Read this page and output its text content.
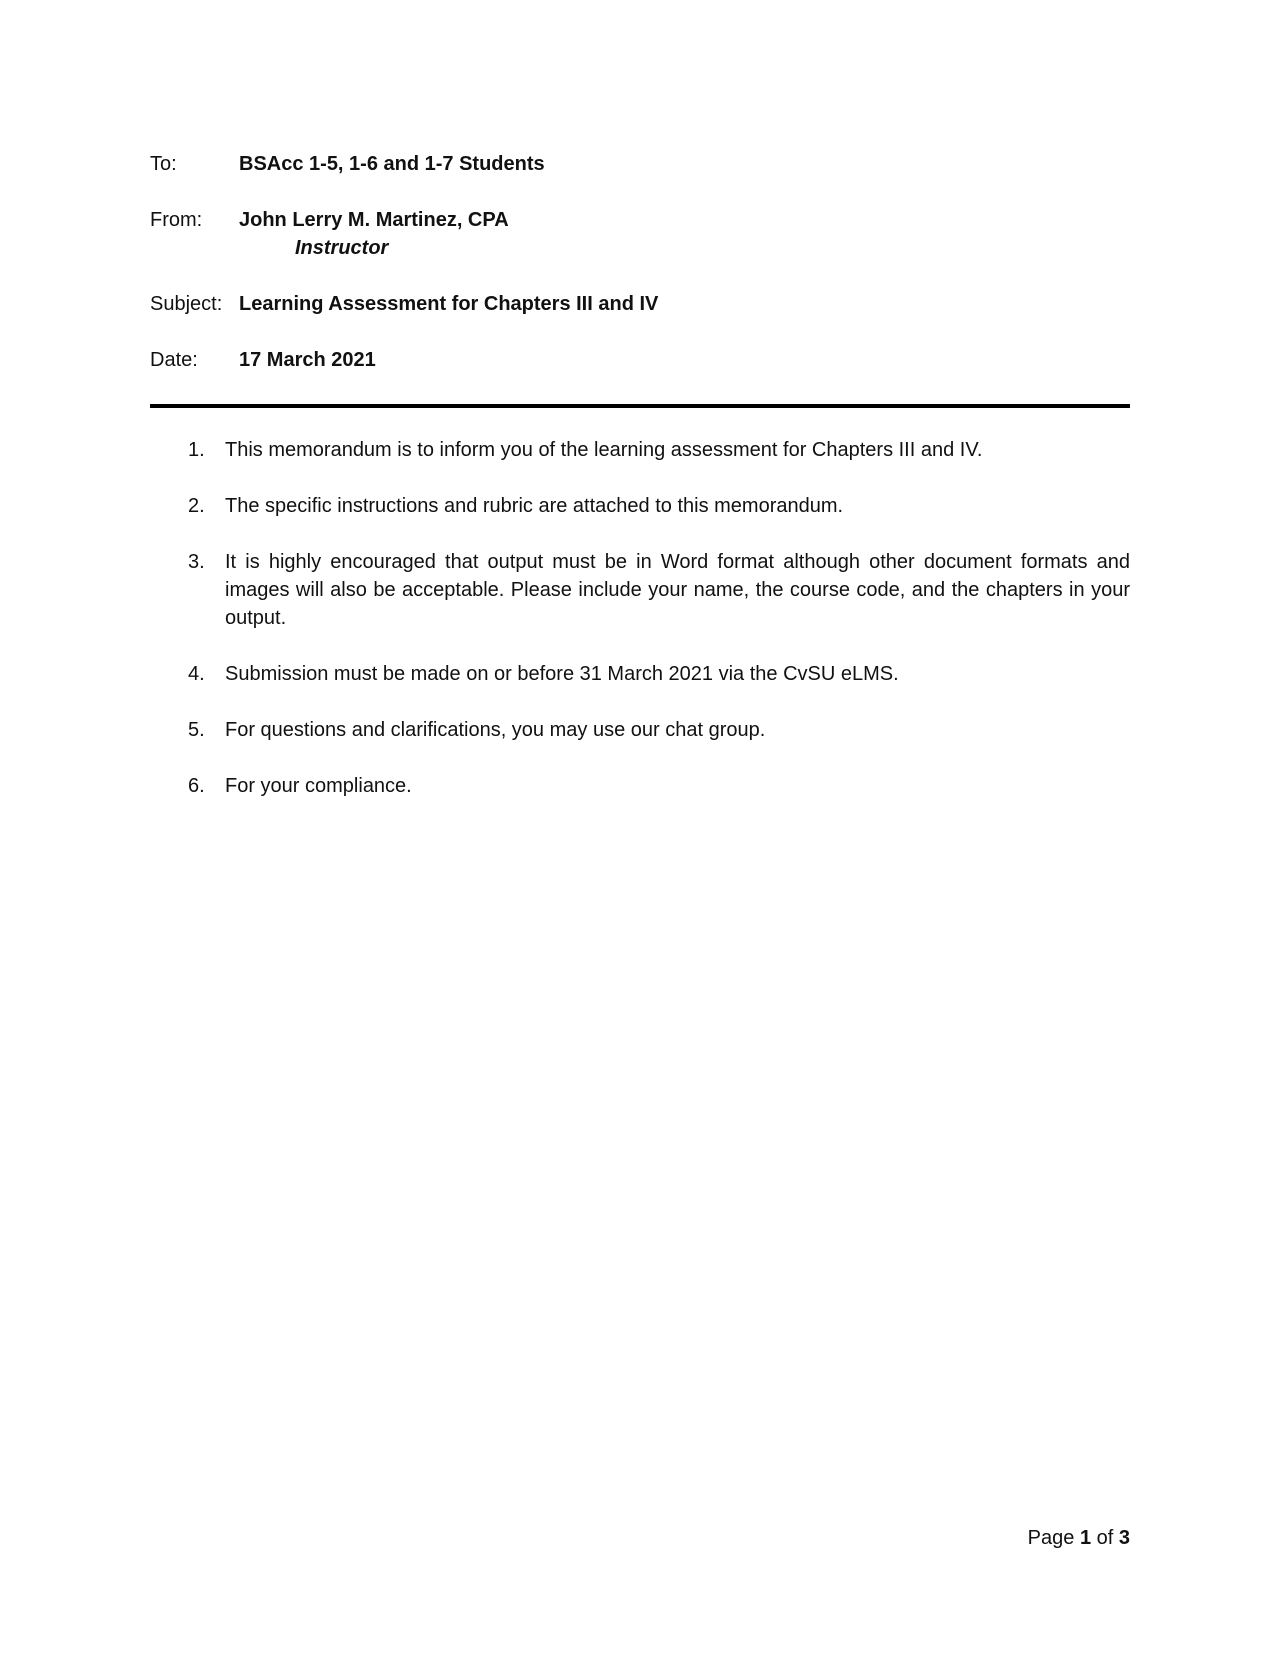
To:	BSAcc 1-5, 1-6 and 1-7 Students
From: John Lerry M. Martinez, CPA
Instructor
Subject: Learning Assessment for Chapters III and IV
Date: 17 March 2021
1. This memorandum is to inform you of the learning assessment for Chapters III and IV.
2. The specific instructions and rubric are attached to this memorandum.
3. It is highly encouraged that output must be in Word format although other document formats and images will also be acceptable. Please include your name, the course code, and the chapters in your output.
4. Submission must be made on or before 31 March 2021 via the CvSU eLMS.
5. For questions and clarifications, you may use our chat group.
6. For your compliance.
Page 1 of 3
